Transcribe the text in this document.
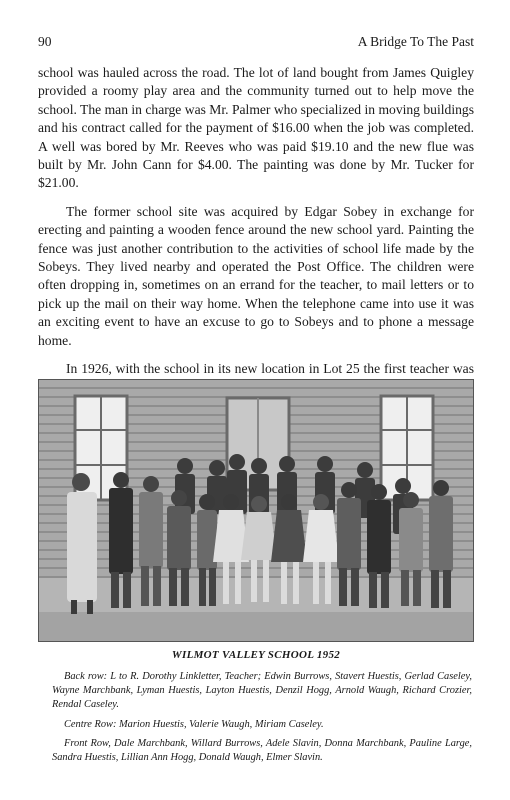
90	A Bridge To The Past

school was hauled across the road. The lot of land bought from James Quigley provided a roomy play area and the community turned out to help move the school. The man in charge was Mr. Palmer who specialized in moving buildings and his contract called for the payment of $16.00 when the job was completed. A well was bored by Mr. Reeves who was paid $19.10 and the new flue was built by Mr. John Cann for $4.00. The painting was done by Mr. Tucker for $21.00.

The former school site was acquired by Edgar Sobey in exchange for erecting and painting a wooden fence around the new school yard. Painting the fence was just another contribution to the activities of school life made by the Sobeys. They lived nearby and operated the Post Office. The children were often dropping in, sometimes on an errand for the teacher, to mail letters or to pick up the mail on their way home. When the telephone came into use it was an exciting event to have an excuse to go to Sobeys and to phone a message home.

In 1926, with the school in its new location in Lot 25 the first teacher was

WILMOT VALLEY SCHOOL 1952

Back row: L to R. Dorothy Linkletter, Teacher; Edwin Burrows, Stavert Huestis, Gerlad Caseley, Wayne Marchbank, Lyman Huestis, Layton Huestis, Denzil Hogg, Arnold Waugh, Richard Crozier, Rendal Caseley.

Centre Row: Marion Huestis, Valerie Waugh, Miriam Caseley.

Front Row, Dale Marchbank, Willard Burrows, Adele Slavin, Donna Marchbank, Pauline Large, Sandra Huestis, Lillian Ann Hogg, Donald Waugh, Elmer Slavin.
